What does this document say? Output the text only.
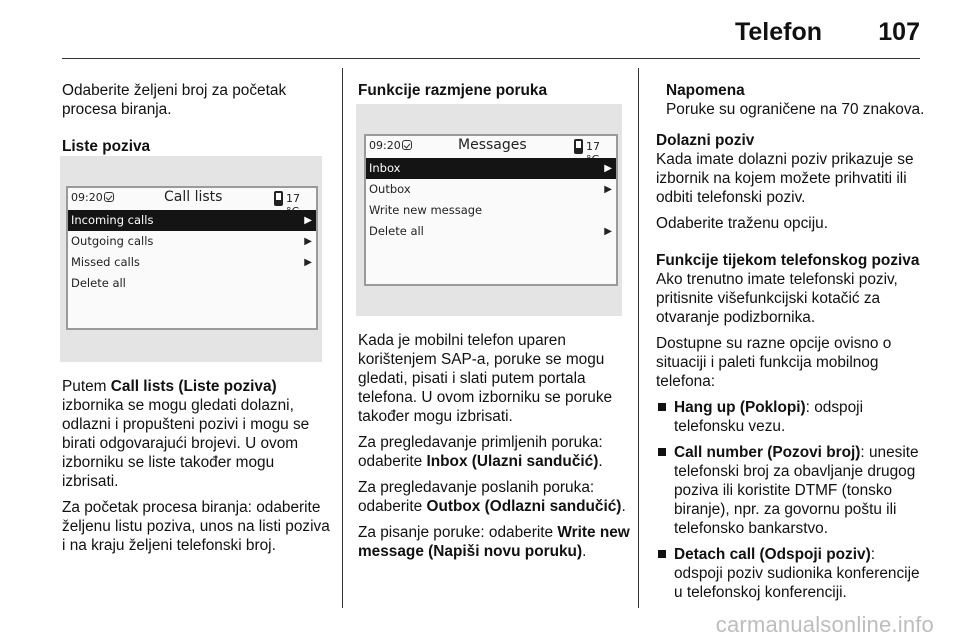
Telefon 107

Odaberite željeni broj za početak procesa biranja.

Liste poziva

09:20	Call lists	17
Incoming calls	▶
Outgoing calls	▶
Missed calls	▶
Delete all

Putem Call lists (Liste poziva) izbornika se mogu gledati dolazni, odlazni i propušteni pozivi i mogu se birati odgovarajući brojevi. U ovom izborniku se liste također mogu izbrisati.

Za početak procesa biranja: odaberite željenu listu poziva, unos na listi poziva i na kraju željeni telefonski broj.

Funkcije razmjene poruka

09:20	Messages	17
Inbox	▶
Outbox	▶
Write new message
Delete all	▶

Kada je mobilni telefon uparen korištenjem SAP-a, poruke se mogu gledati, pisati i slati putem portala telefona. U ovom izborniku se poruke također mogu izbrisati.

Za pregledavanje primljenih poruka: odaberite Inbox (Ulazni sandučić).

Za pregledavanje poslanih poruka: odaberite Outbox (Odlazni sandučić).

Za pisanje poruke: odaberite Write new message (Napiši novu poruku).

Napomena

Poruke su ograničene na 70 znakova.

Dolazni poziv

Kada imate dolazni poziv prikazuje se izbornik na kojem možete prihvatiti ili odbiti telefonski poziv.

Odaberite traženu opciju.

Funkcije tijekom telefonskog poziva

Ako trenutno imate telefonski poziv, pritisnite višefunkcijski kotačić za otvaranje podizbornika.

Dostupne su razne opcije ovisno o situaciji i paleti funkcija mobilnog telefona:

Hang up (Poklopi): odspoji telefonsku vezu.

Call number (Pozovi broj): unesite telefonski broj za obavljanje drugog poziva ili koristite DTMF (tonsko biranje), npr. za govornu poštu ili telefonsko bankarstvo.

Detach call (Odspoji poziv): odspoji poziv sudionika konferencije u telefonskoj konferenciji.

carmanualsonline.info
